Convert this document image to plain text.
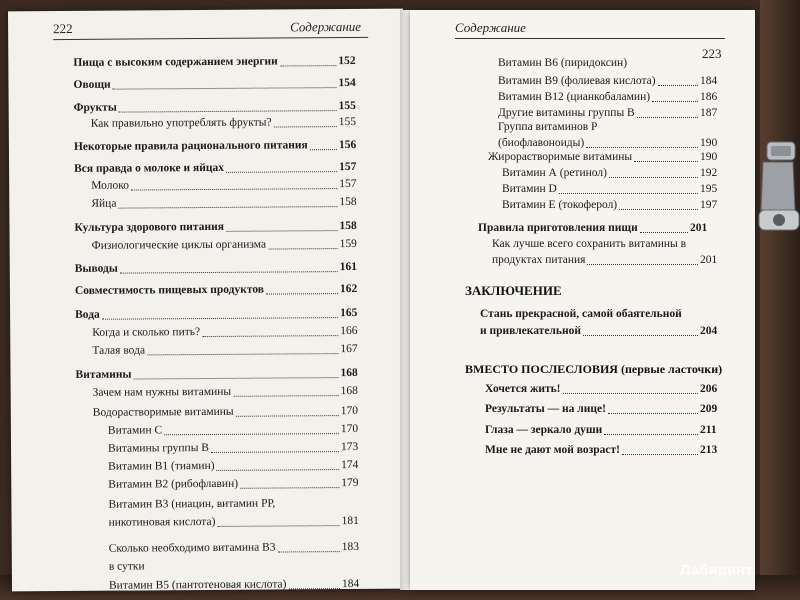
222	Содержание
Пища с высоким содержанием энергии	152
Овощи	154
Фрукты	155
Как правильно употреблять фрукты?	155
Некоторые правила рационального питания	156
Вся правда о молоке и яйцах	157
Молоко	157
Яйца	158
Культура здорового питания	158
Физиологические циклы организма	159
Выводы	161
Совместимость пищевых продуктов	162
Вода	165
Когда и сколько пить?	166
Талая вода	167
Витамины	168
Зачем нам нужны витамины	168
Водорастворимые витамины	170
Витамин С	170
Витамины группы В	173
Витамин В1 (тиамин)	174
Витамин В2 (рибофлавин)	179
Витамин В3 (ниацин, витамин РР,
никотиновая кислота)	181
Сколько необходимо витамина В3	183
в сутки
Витамин В5 (пантотеновая кислота)	184
Содержание
223
Витамин В6 (пиридоксин)
Витамин В9 (фолиевая кислота)	184
Витамин В12 (цианкобаламин)	186
Другие витамины группы В	187
Группа витаминов Р
(биофлавоноиды)	190
Жирорастворимые витамины	190
Витамин А (ретинол)	192
Витамин D	195
Витамин Е (токоферол)	197
Правила приготовления пищи	201
Как лучше всего сохранить витамины в
продуктах питания	201
ЗАКЛЮЧЕНИЕ
Стань прекрасной, самой обаятельной
и привлекательной	204
ВМЕСТО ПОСЛЕСЛОВИЯ (первые ласточки)
Хочется жить!	206
Результаты — на лице!	209
Глаза — зеркало души	211
Мне не дают мой возраст!	213
Лабиринт
